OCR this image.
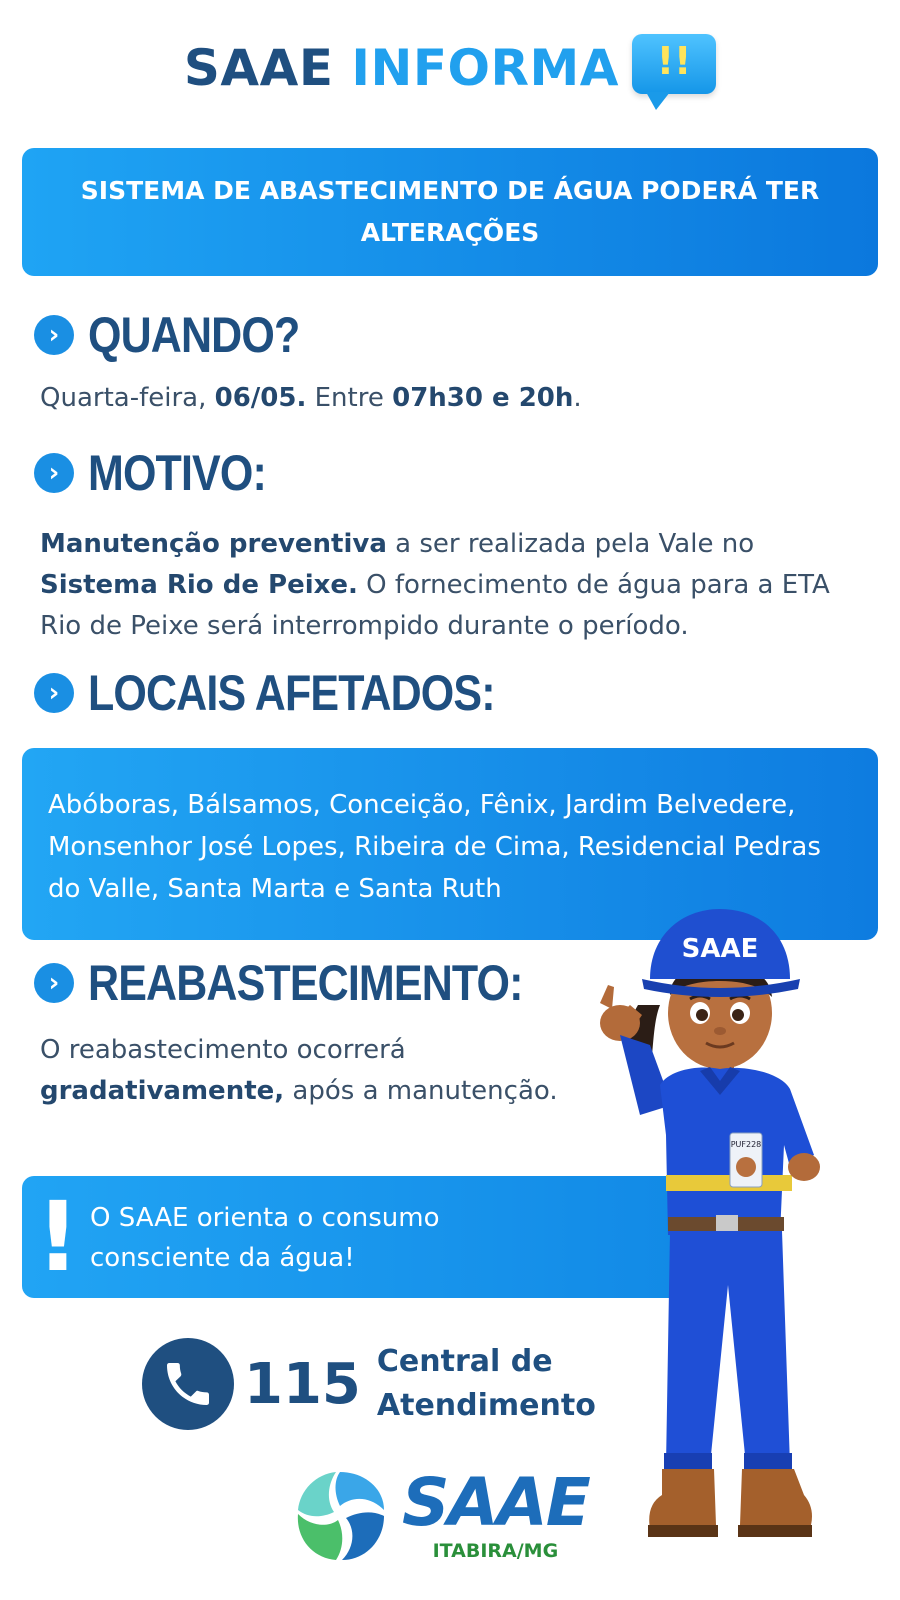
SAAE INFORMA !!

SISTEMA DE ABASTECIMENTO DE ÁGUA PODERÁ TER ALTERAÇÕES

› QUANDO?

Quarta-feira, 06/05. Entre 07h30 e 20h.

› MOTIVO:

Manutenção preventiva a ser realizada pela Vale no Sistema Rio de Peixe. O fornecimento de água para a ETA Rio de Peixe será interrompido durante o período.

› LOCAIS AFETADOS:

Abóboras, Bálsamos, Conceição, Fênix, Jardim Belvedere, Monsenhor José Lopes, Ribeira de Cima, Residencial Pedras do Valle, Santa Marta e Santa Ruth

› REABASTECIMENTO:

O reabastecimento ocorrerá gradativamente, após a manutenção.

! O SAAE orienta o consumo consciente da água!

115 Central de
Atendimento
SAAE
ITABIRA/MG
SAAE
PUF228
